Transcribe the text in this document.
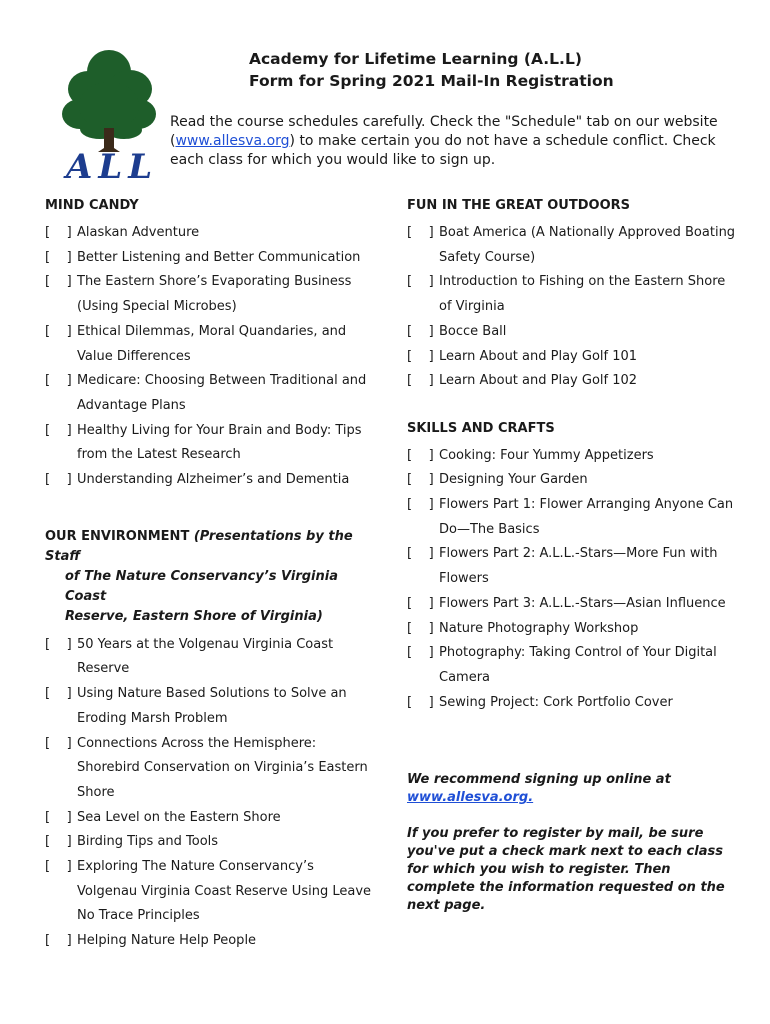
ALL
Academy for Lifetime Learning (A.L.L)
Form for Spring 2021 Mail-In Registration
Read the course schedules carefully. Check the "Schedule" tab on our website (www.allesva.org) to make certain you do not have a schedule conflict. Check each class for which you would like to sign up.
MIND CANDY
[    ] Alaskan Adventure
[    ] Better Listening and Better Communication
[    ] The Eastern Shore’s Evaporating Business (Using Special Microbes)
[    ] Ethical Dilemmas, Moral Quandaries, and Value Differences
[    ] Medicare: Choosing Between Traditional and Advantage Plans
[    ] Healthy Living for Your Brain and Body: Tips from the Latest Research
[    ] Understanding Alzheimer’s and Dementia
OUR ENVIRONMENT (Presentations by the Staff
of The Nature Conservancy’s Virginia Coast
Reserve, Eastern Shore of Virginia)
[    ] 50 Years at the Volgenau Virginia Coast Reserve
[    ] Using Nature Based Solutions to Solve an Eroding Marsh Problem
[    ] Connections Across the Hemisphere: Shorebird Conservation on Virginia’s Eastern Shore
[    ] Sea Level on the Eastern Shore
[    ] Birding Tips and Tools
[    ] Exploring The Nature Conservancy’s Volgenau Virginia Coast Reserve Using Leave No Trace Principles
[    ] Helping Nature Help People
FUN IN THE GREAT OUTDOORS
[    ] Boat America (A Nationally Approved Boating Safety Course)
[    ] Introduction to Fishing on the Eastern Shore of Virginia
[    ] Bocce Ball
[    ] Learn About and Play Golf 101
[    ] Learn About and Play Golf 102
SKILLS AND CRAFTS
[    ] Cooking: Four Yummy Appetizers
[    ] Designing Your Garden
[    ] Flowers Part 1: Flower Arranging Anyone Can Do—The Basics
[    ] Flowers Part 2: A.L.L.-Stars—More Fun with Flowers
[    ] Flowers Part 3: A.L.L.-Stars—Asian Influence
[    ] Nature Photography Workshop
[    ] Photography: Taking Control of Your Digital Camera
[    ] Sewing Project: Cork Portfolio Cover
We recommend signing up online at
www.allesva.org.
If you prefer to register by mail, be sure you've put a check mark next to each class for which you wish to register. Then complete the information requested on the next page.
